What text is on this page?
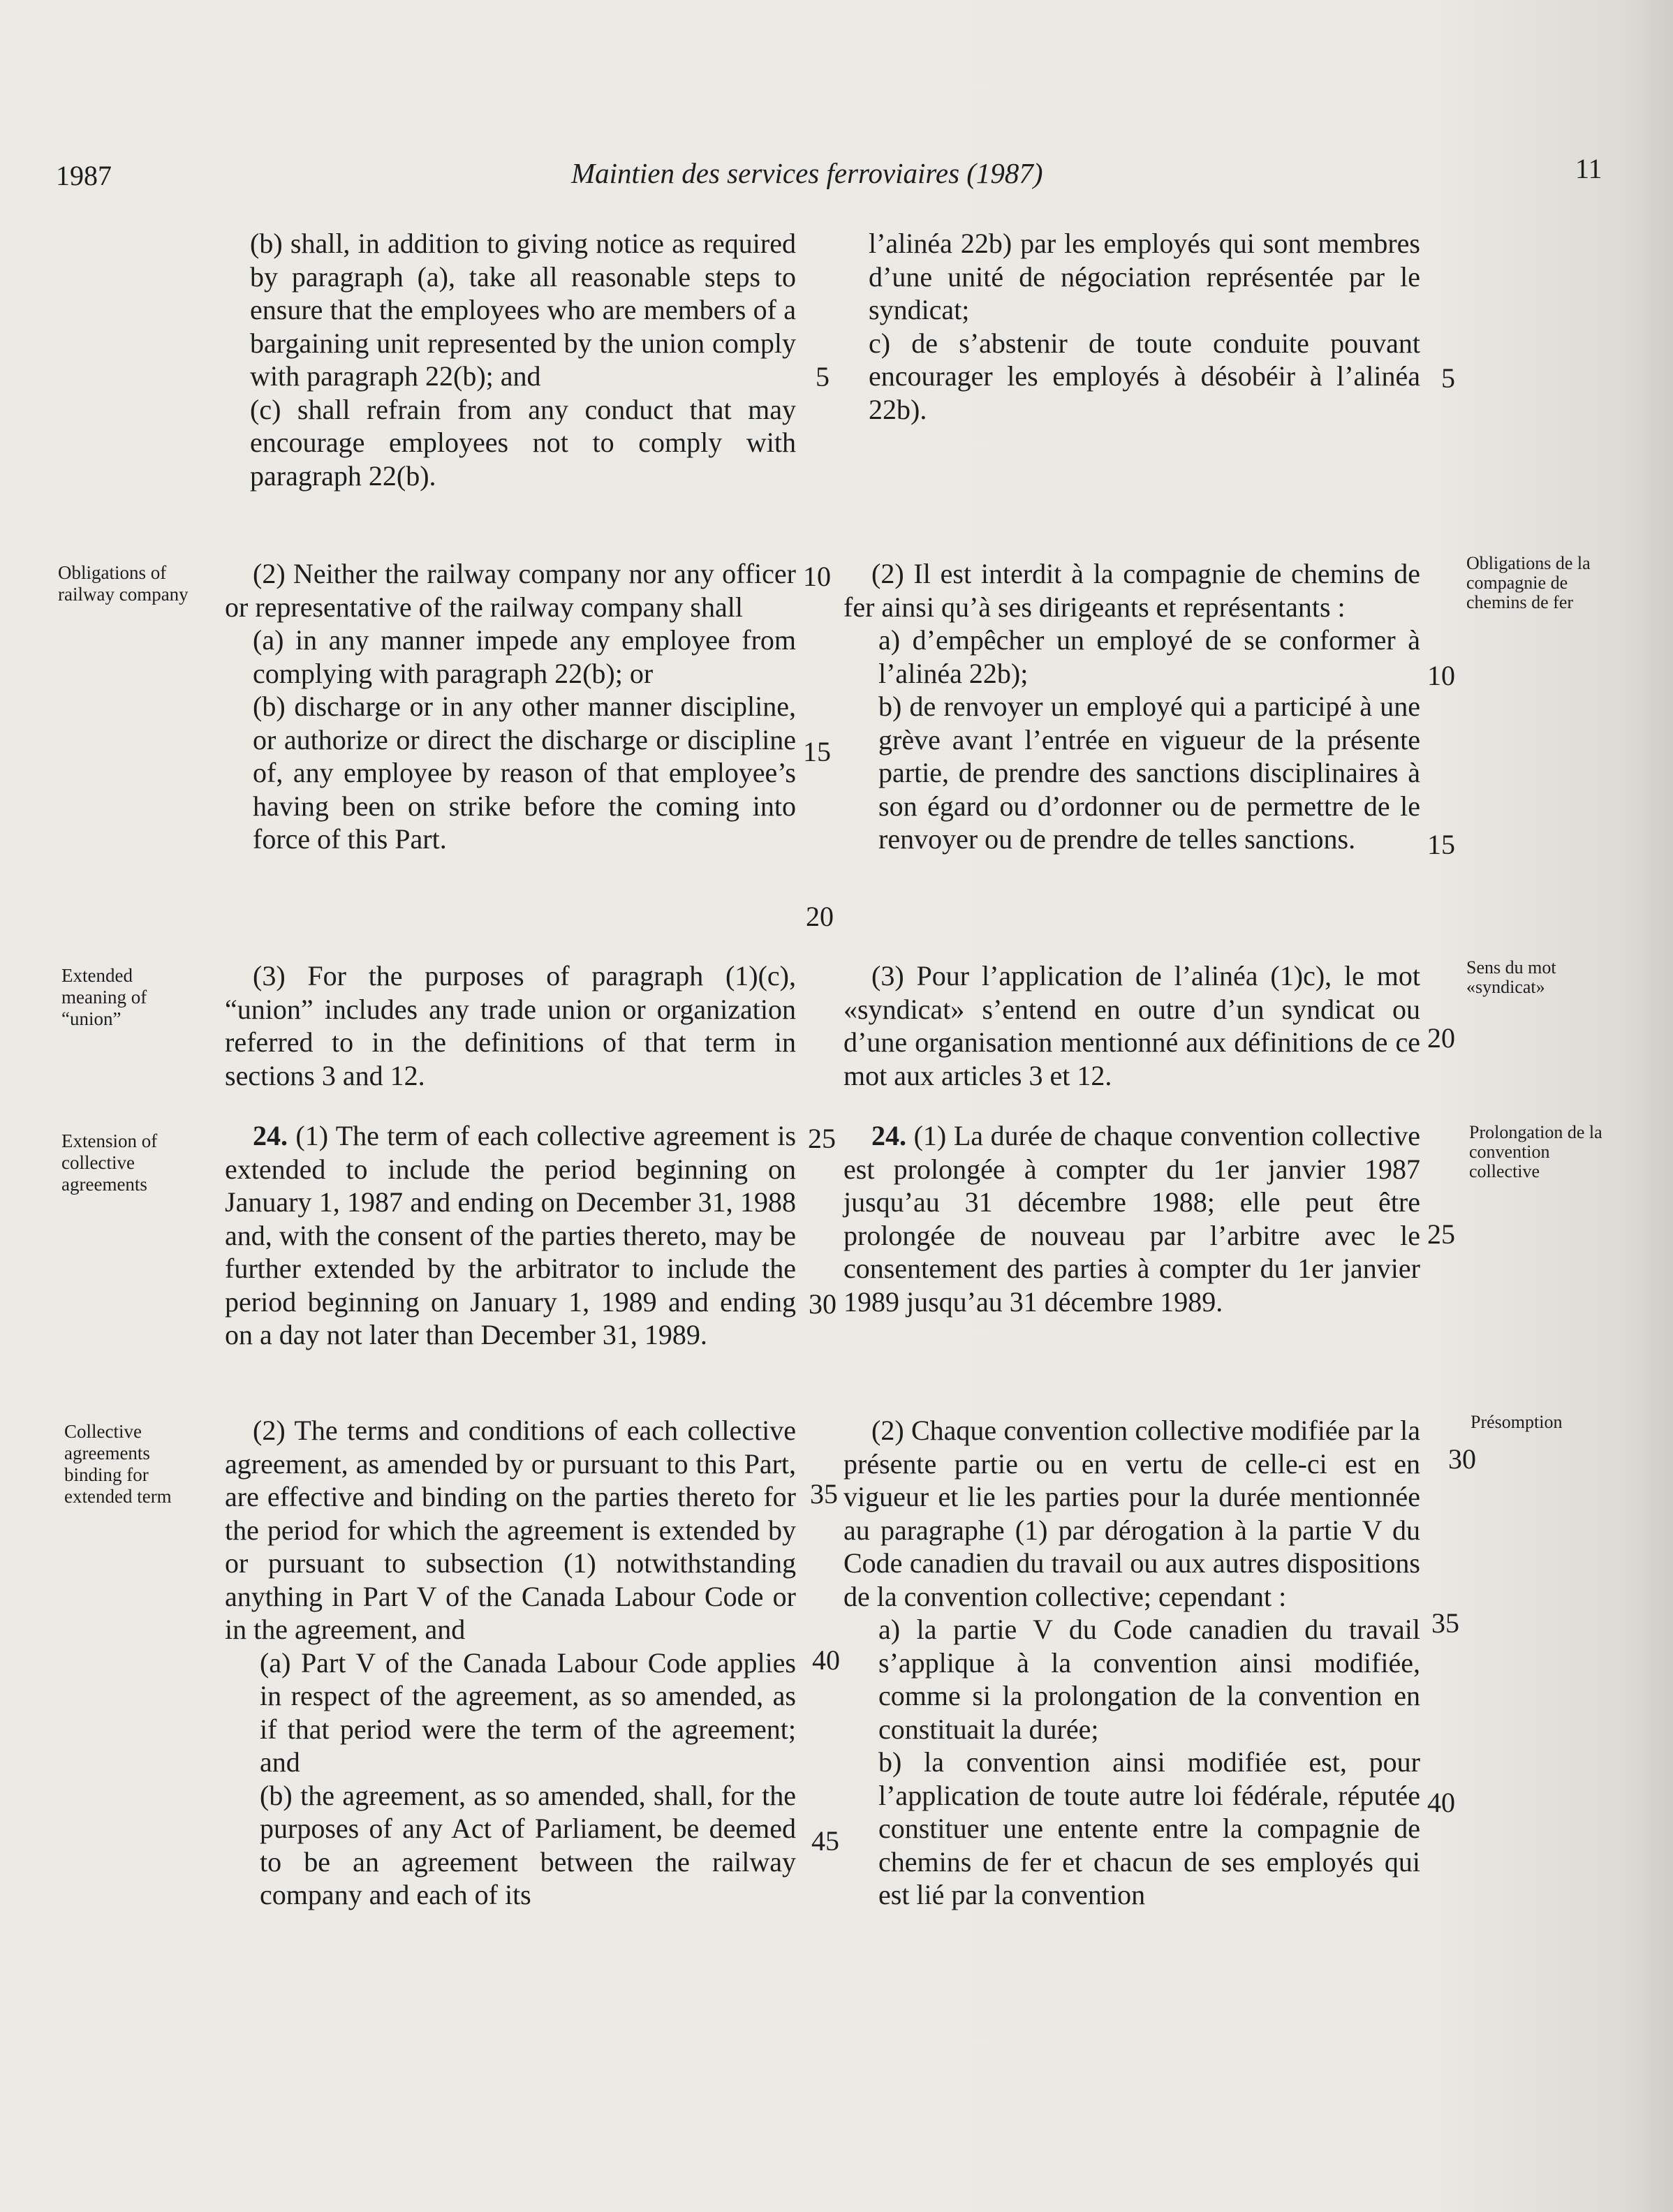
1987	Maintien des services ferroviaires (1987)	11
Obligations of railway company
Extended meaning of “union”
Extension of collective agreements
Collective agreements binding for extended term
Obligations de la compagnie de chemins de fer
Sens du mot «syndicat»
Prolongation de la convention collective
Présomption

(b) shall, in addition to giving notice as required by paragraph (a), take all reasonable steps to ensure that the employees who are members of a bargaining unit represented by the union comply with paragraph 22(b); and

(c) shall refrain from any conduct that may encourage employees not to comply with paragraph 22(b).

(2) Neither the railway company nor any officer or representative of the railway company shall

(a) in any manner impede any employee from complying with paragraph 22(b); or

(b) discharge or in any other manner discipline, or authorize or direct the discharge or discipline of, any employee by reason of that employee’s having been on strike before the coming into force of this Part.

(3) For the purposes of paragraph (1)(c), “union” includes any trade union or organization referred to in the definitions of that term in sections 3 and 12.

24. (1) The term of each collective agreement is extended to include the period beginning on January 1, 1987 and ending on December 31, 1988 and, with the consent of the parties thereto, may be further extended by the arbitrator to include the period beginning on January 1, 1989 and ending on a day not later than December 31, 1989.

(2) The terms and conditions of each collective agreement, as amended by or pursuant to this Part, are effective and binding on the parties thereto for the period for which the agreement is extended by or pursuant to subsection (1) notwithstanding anything in Part V of the Canada Labour Code or in the agreement, and

(a) Part V of the Canada Labour Code applies in respect of the agreement, as so amended, as if that period were the term of the agreement; and

(b) the agreement, as so amended, shall, for the purposes of any Act of Parliament, be deemed to be an agreement between the railway company and each of its

l’alinéa 22b) par les employés qui sont membres d’une unité de négociation représentée par le syndicat;

c) de s’abstenir de toute conduite pouvant encourager les employés à désobéir à l’alinéa 22b).

(2) Il est interdit à la compagnie de chemins de fer ainsi qu’à ses dirigeants et représentants :

a) d’empêcher un employé de se conformer à l’alinéa 22b);

b) de renvoyer un employé qui a participé à une grève avant l’entrée en vigueur de la présente partie, de prendre des sanctions disciplinaires à son égard ou d’ordonner ou de permettre de le renvoyer ou de prendre de telles sanctions.

(3) Pour l’application de l’alinéa (1)c), le mot «syndicat» s’entend en outre d’un syndicat ou d’une organisation mentionné aux définitions de ce mot aux articles 3 et 12.

24. (1) La durée de chaque convention collective est prolongée à compter du 1er janvier 1987 jusqu’au 31 décembre 1988; elle peut être prolongée de nouveau par l’arbitre avec le consentement des parties à compter du 1er janvier 1989 jusqu’au 31 décembre 1989.

(2) Chaque convention collective modifiée par la présente partie ou en vertu de celle-ci est en vigueur et lie les parties pour la durée mentionnée au paragraphe (1) par dérogation à la partie V du Code canadien du travail ou aux autres dispositions de la convention collective; cependant :

a) la partie V du Code canadien du travail s’applique à la convention ainsi modifiée, comme si la prolongation de la convention en constituait la durée;

b) la convention ainsi modifiée est, pour l’application de toute autre loi fédérale, réputée constituer une entente entre la compagnie de chemins de fer et chacun de ses employés qui est lié par la convention

5
10
15
20
25
30
35
40
45
5
10
15
20
25
30
35
40
